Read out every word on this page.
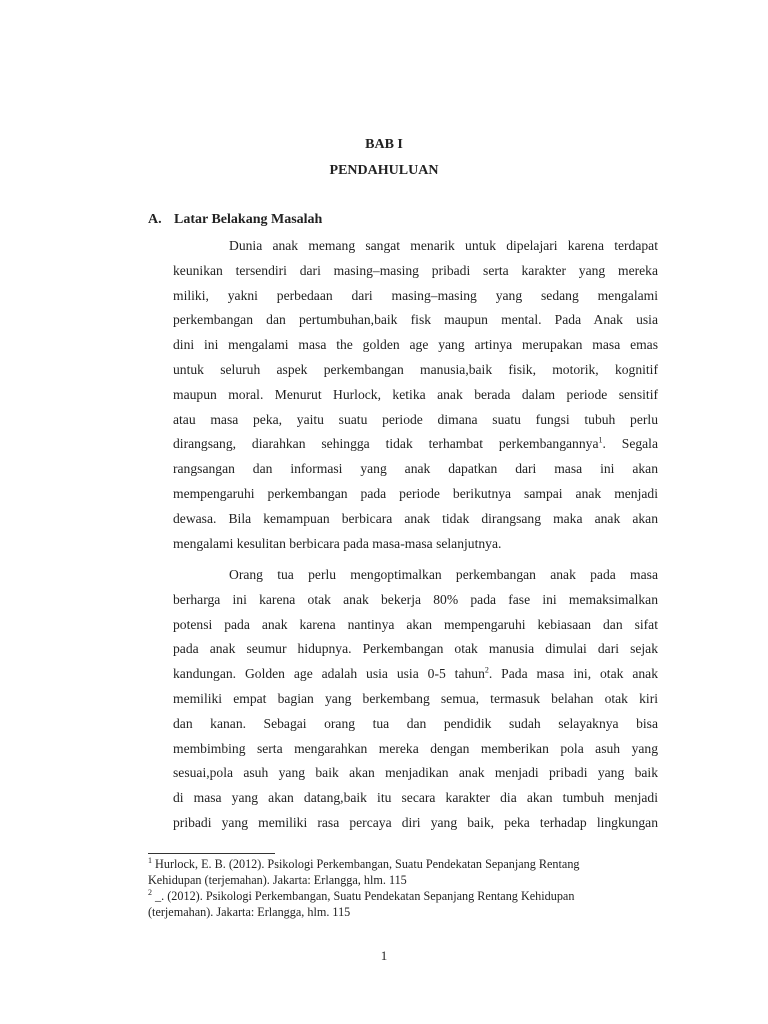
BAB I
PENDAHULUAN
A. Latar Belakang Masalah
Dunia anak memang sangat menarik untuk dipelajari karena terdapat
keunikan tersendiri dari masing–masing pribadi serta karakter yang mereka
miliki, yakni perbedaan dari masing–masing yang sedang mengalami
perkembangan dan pertumbuhan,baik fisk maupun mental. Pada Anak usia
dini ini mengalami masa the golden age yang artinya merupakan masa emas
untuk seluruh aspek perkembangan manusia,baik fisik, motorik, kognitif
maupun moral. Menurut Hurlock, ketika anak berada dalam periode sensitif
atau masa peka, yaitu suatu periode dimana suatu fungsi tubuh perlu
dirangsang, diarahkan sehingga tidak terhambat perkembangannya$^1$. Segala
rangsangan dan informasi yang anak dapatkan dari masa ini akan
mempengaruhi perkembangan pada periode berikutnya sampai anak menjadi
dewasa. Bila kemampuan berbicara anak tidak dirangsang maka anak akan
mengalami kesulitan berbicara pada masa-masa selanjutnya.
Orang tua perlu mengoptimalkan perkembangan anak pada masa
berharga ini karena otak anak bekerja 80% pada fase ini memaksimalkan
potensi pada anak karena nantinya akan mempengaruhi kebiasaan dan sifat
pada anak seumur hidupnya. Perkembangan otak manusia dimulai dari sejak
kandungan. Golden age adalah usia usia 0-5 tahun$^2$. Pada masa ini, otak anak
memiliki empat bagian yang berkembang semua, termasuk belahan otak kiri
dan kanan. Sebagai orang tua dan pendidik sudah selayaknya bisa
membimbing serta mengarahkan mereka dengan memberikan pola asuh yang
sesuai,pola asuh yang baik akan menjadikan anak menjadi pribadi yang baik
di masa yang akan datang,baik itu secara karakter dia akan tumbuh menjadi
pribadi yang memiliki rasa percaya diri yang baik, peka terhadap lingkungan
$^1$ Hurlock, E. B. (2012). Psikologi Perkembangan, Suatu Pendekatan Sepanjang Rentang
Kehidupan (terjemahan). Jakarta: Erlangga, hlm. 115
$^2$ _. (2012). Psikologi Perkembangan, Suatu Pendekatan Sepanjang Rentang Kehidupan
(terjemahan). Jakarta: Erlangga, hlm. 115
1
